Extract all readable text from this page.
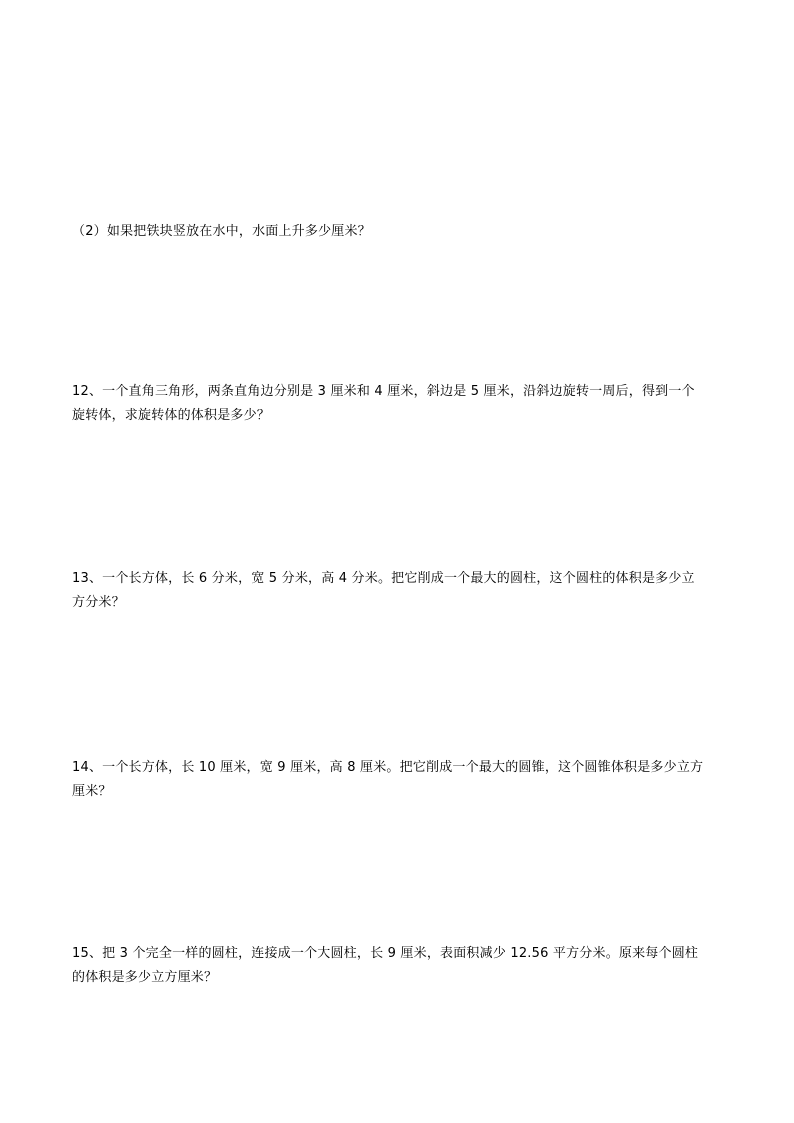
（2）如果把铁块竖放在水中，水面上升多少厘米？
12、一个直角三角形，两条直角边分别是 3 厘米和 4 厘米，斜边是 5 厘米，沿斜边旋转一周后，得到一个
旋转体，求旋转体的体积是多少？
13、一个长方体，长 6 分米，宽 5 分米，高 4 分米。把它削成一个最大的圆柱，这个圆柱的体积是多少立
方分米？
14、一个长方体，长 10 厘米，宽 9 厘米，高 8 厘米。把它削成一个最大的圆锥，这个圆锥体积是多少立方
厘米？
15、把 3 个完全一样的圆柱，连接成一个大圆柱，长 9 厘米，表面积减少 12.56 平方分米。原来每个圆柱
的体积是多少立方厘米？
